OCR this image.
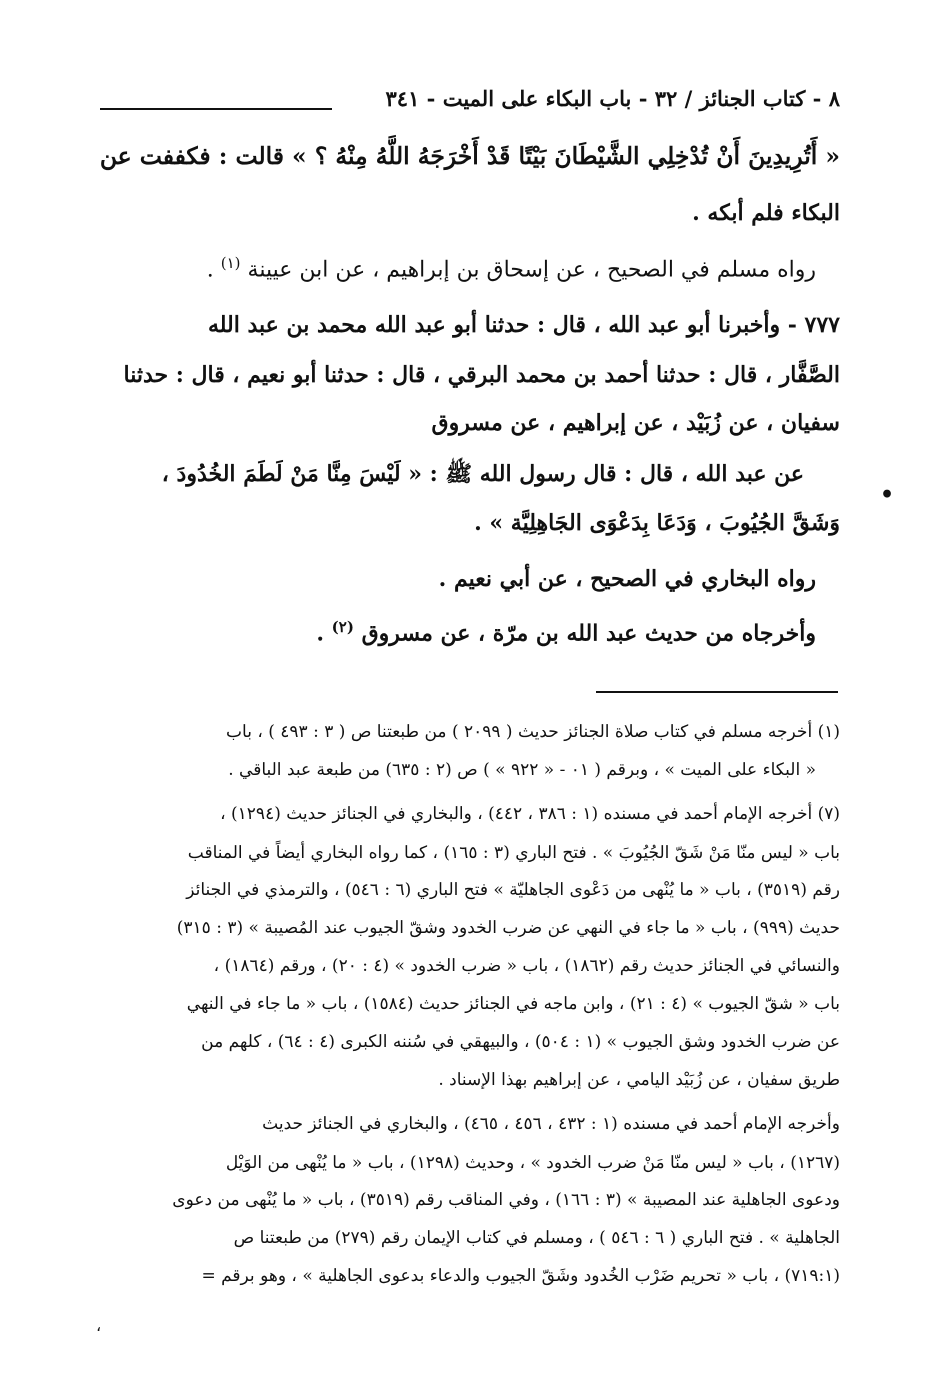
٨ - كتاب الجنائز / ٣٢ - باب البكاء على الميت - ٣٤١
« أَتُرِيدِينَ أَنْ تُدْخِلِي الشَّيْطَانَ بَيْتًا قَدْ أَخْرَجَهُ اللَّهُ مِنْهُ ؟ » قالت : فكففت عن
البكاء فلم أبكه .
رواه مسلم في الصحيح ، عن إسحاق بن إبراهيم ، عن ابن عيينة $^{(١)}$ .
٧٧٧ - وأخبرنا أبو عبد الله ، قال : حدثنا أبو عبد الله محمد بن عبد الله
الصَّفَّار ، قال : حدثنا أحمد بن محمد البرقي ، قال : حدثنا أبو نعيم ، قال : حدثنا
سفيان ، عن زُبَيْد ، عن إبراهيم ، عن مسروق
عن عبد الله ، قال : قال رسول الله ﷺ : « لَيْسَ مِنَّا مَنْ لَطَمَ الخُدُودَ ،
وَشَقَّ الجُيُوبَ ، وَدَعَا بِدَعْوَى الجَاهِلِيَّة » .
رواه البخاري في الصحيح ، عن أبي نعيم .
وأخرجاه من حديث عبد الله بن مرّة ، عن مسروق $^{(٢)}$ .
•
(١) أخرجه مسلم في كتاب صلاة الجنائز حديث ( ٢٠٩٩ ) من طبعتنا ص ( ٣ : ٤٩٣ ) ، باب
« البكاء على الميت » ، وبرقم ( ٠١ - « ٩٢٢ » ) ص (٢ : ٦٣٥) من طبعة عبد الباقي .
(٧) أخرجه الإمام أحمد في مسنده (١ : ٣٨٦ ، ٤٤٢) ، والبخاري في الجنائز حديث (١٢٩٤) ،
باب « ليس منّا مَنْ شَقّ الجُيُوبَ » . فتح الباري (٣ : ١٦٥) ، كما رواه البخاري أيضاً في المناقب
رقم (٣٥١٩) ، باب « ما يُنْهى من دَعْوى الجاهليّة » فتح الباري (٦ : ٥٤٦) ، والترمذي في الجنائز
حديث (٩٩٩) ، باب « ما جاء في النهي عن ضرب الخدود وشقّ الجيوب عند المُصيبة » (٣ : ٣١٥)
والنسائي في الجنائز حديث رقم (١٨٦٢) ، باب « ضرب الخدود » (٤ : ٢٠) ، ورقم (١٨٦٤) ،
باب « شقّ الجيوب » (٤ : ٢١) ، وابن ماجه في الجنائز حديث (١٥٨٤) ، باب « ما جاء في النهي
عن ضرب الخدود وشق الجيوب » (١ : ٥٠٤) ، والبيهقي في سُننه الكبرى (٤ : ٦٤) ، كلهم من
طريق سفيان ، عن زُبَيْد اليامي ، عن إبراهيم بهذا الإسناد .
وأخرجه الإمام أحمد في مسنده (١ : ٤٣٢ ، ٤٥٦ ، ٤٦٥) ، والبخاري في الجنائز حديث
(١٢٦٧) ، باب « ليس منّا مَنْ ضرب الخدود » ، وحديث (١٢٩٨) ، باب « ما يُنْهى من الوَيْل
ودعوى الجاهلية عند المصيبة » (٣ : ١٦٦) ، وفي المناقب رقم (٣٥١٩) ، باب « ما يُنْهى من دعوى
الجاهلية » . فتح الباري ( ٦ : ٥٤٦ ) ، ومسلم في كتاب الإيمان رقم (٢٧٩) من طبعتنا ص
(٧١٩:١) ، باب « تحريم ضَرْب الخُدود وشَقّ الجيوب والدعاء بدعوى الجاهلية » ، وهو برقم =
،
